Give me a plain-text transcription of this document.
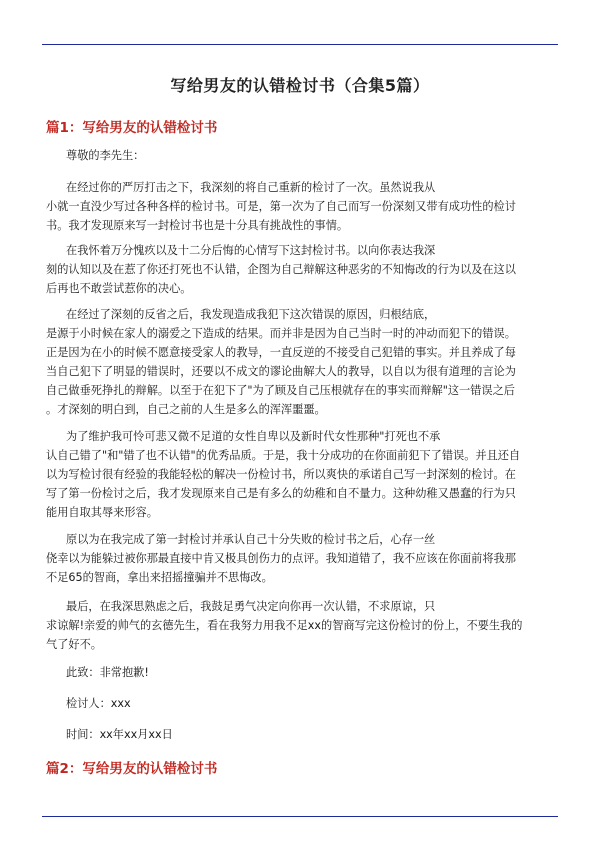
写给男友的认错检讨书（合集5篇）
篇1：写给男友的认错检讨书
尊敬的李先生：
在经过你的严厉打击之下，我深刻的将自己重新的检讨了一次。虽然说我从
小就一直没少写过各种各样的检讨书。可是，第一次为了自己而写一份深刻又带有成功性的检讨
书。我才发现原来写一封检讨书也是十分具有挑战性的事情。
在我怀着万分愧疚以及十二分后悔的心情写下这封检讨书。以向你表达我深
刻的认知以及在惹了你还打死也不认错，企图为自己辩解这种恶劣的不知悔改的行为以及在这以
后再也不敢尝试惹你的决心。
在经过了深刻的反省之后，我发现造成我犯下这次错误的原因，归根结底，
是源于小时候在家人的溺爱之下造成的结果。而并非是因为自己当时一时的冲动而犯下的错误。
正是因为在小的时候不愿意接受家人的教导，一直反逆的不接受自己犯错的事实。并且养成了每
当自己犯下了明显的错误时，还要以不成文的谬论曲解大人的教导，以自以为很有道理的言论为
自己做垂死挣扎的辩解。以至于在犯下了"为了顾及自己压根就存在的事实而辩解"这一错误之后
。才深刻的明白到，自己之前的人生是多么的浑浑噩噩。
为了维护我可怜可悲又微不足道的女性自卑以及新时代女性那种"打死也不承
认自己错了"和"错了也不认错"的优秀品质。于是，我十分成功的在你面前犯下了错误。并且还自
以为写检讨很有经验的我能轻松的解决一份检讨书，所以爽快的承诺自己写一封深刻的检讨。在
写了第一份检讨之后，我才发现原来自己是有多么的幼稚和自不量力。这种幼稚又愚蠢的行为只
能用自取其辱来形容。
原以为在我完成了第一封检讨并承认自己十分失败的检讨书之后，心存一丝
侥幸以为能躲过被你那最直接中肯又极具创伤力的点评。我知道错了，我不应该在你面前将我那
不足65的智商，拿出来招摇撞骗并不思悔改。
最后，在我深思熟虑之后，我鼓足勇气决定向你再一次认错，不求原谅，只
求谅解!亲爱的帅气的玄德先生，看在我努力用我不足xx的智商写完这份检讨的份上，不要生我的
气了好不。
此致：非常抱歉!
检讨人：xxx
时间：xx年xx月xx日
篇2：写给男友的认错检讨书
